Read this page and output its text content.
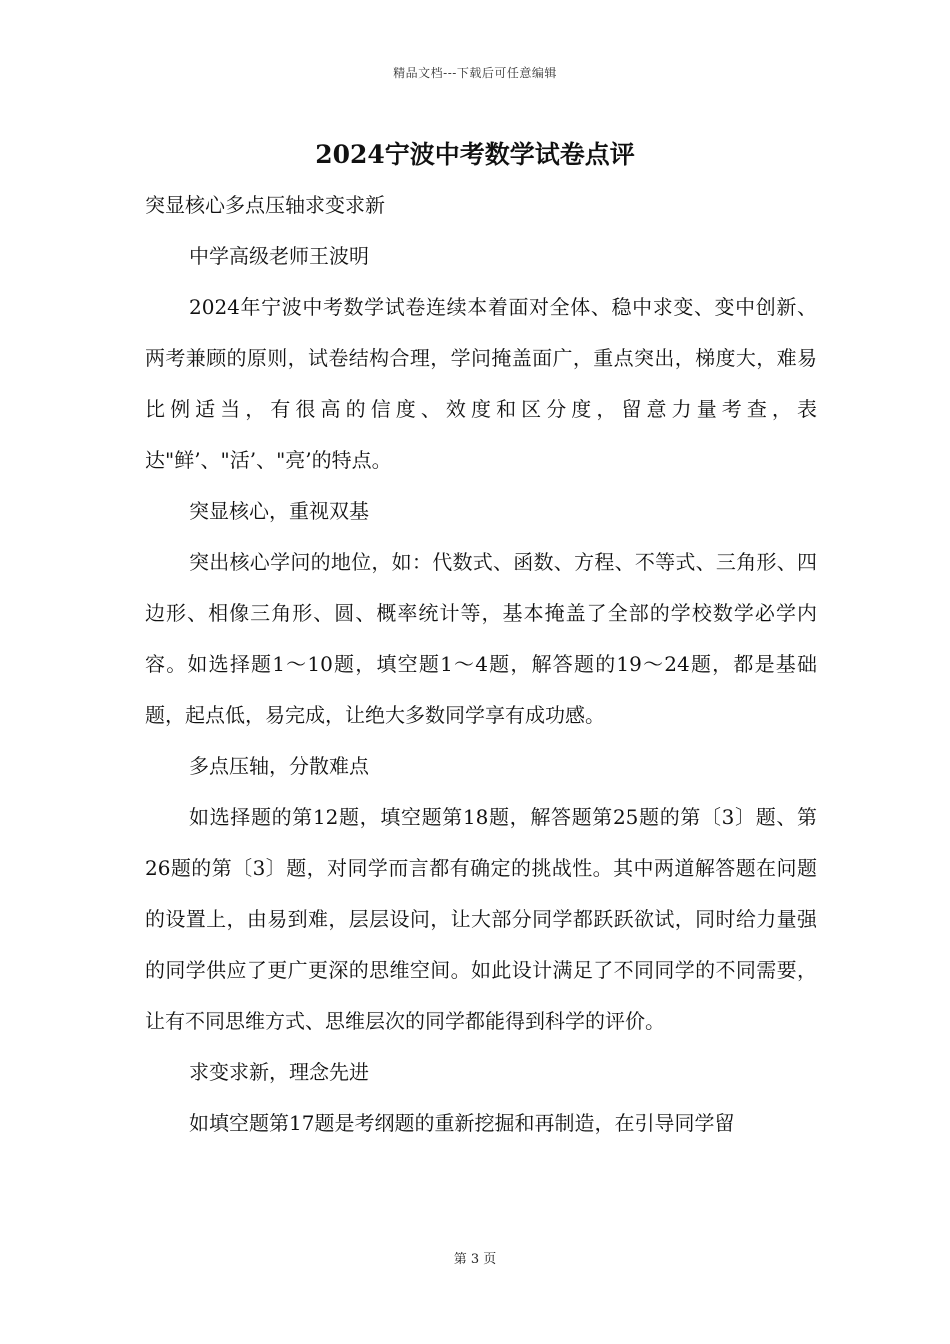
精品文档---下载后可任意编辑
2024宁波中考数学试卷点评

突显核心多点压轴求变求新

中学高级老师王波明

2024年宁波中考数学试卷连续本着面对全体、稳中求变、变中创新、两考兼顾的原则，试卷结构合理，学问掩盖面广，重点突出，梯度大，难易比例适当，有很高的信度、效度和区分度，留意力量考查，表达"鲜’、"活’、"亮’的特点。

突显核心，重视双基

突出核心学问的地位，如：代数式、函数、方程、不等式、三角形、四边形、相像三角形、圆、概率统计等，基本掩盖了全部的学校数学必学内容。如选择题1～10题，填空题1～4题，解答题的19～24题，都是基础题，起点低，易完成，让绝大多数同学享有成功感。

多点压轴，分散难点

如选择题的第12题，填空题第18题，解答题第25题的第〔3〕题、第26题的第〔3〕题，对同学而言都有确定的挑战性。其中两道解答题在问题的设置上，由易到难，层层设问，让大部分同学都跃跃欲试，同时给力量强的同学供应了更广更深的思维空间。如此设计满足了不同同学的不同需要，让有不同思维方式、思维层次的同学都能得到科学的评价。

求变求新，理念先进

如填空题第17题是考纲题的重新挖掘和再制造，在引导同学留

第 3 页
